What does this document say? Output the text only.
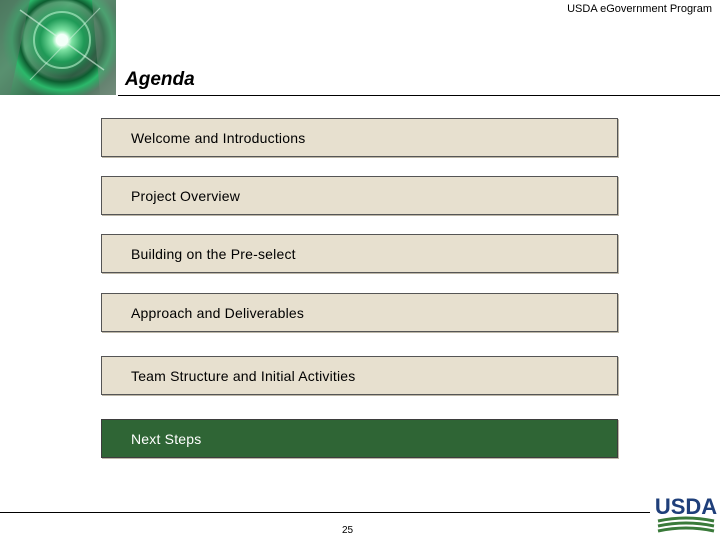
USDA eGovernment Program
Agenda
Welcome and Introductions
Project Overview
Building on the Pre-select
Approach and Deliverables
Team Structure and Initial Activities
Next Steps
25
USDA
